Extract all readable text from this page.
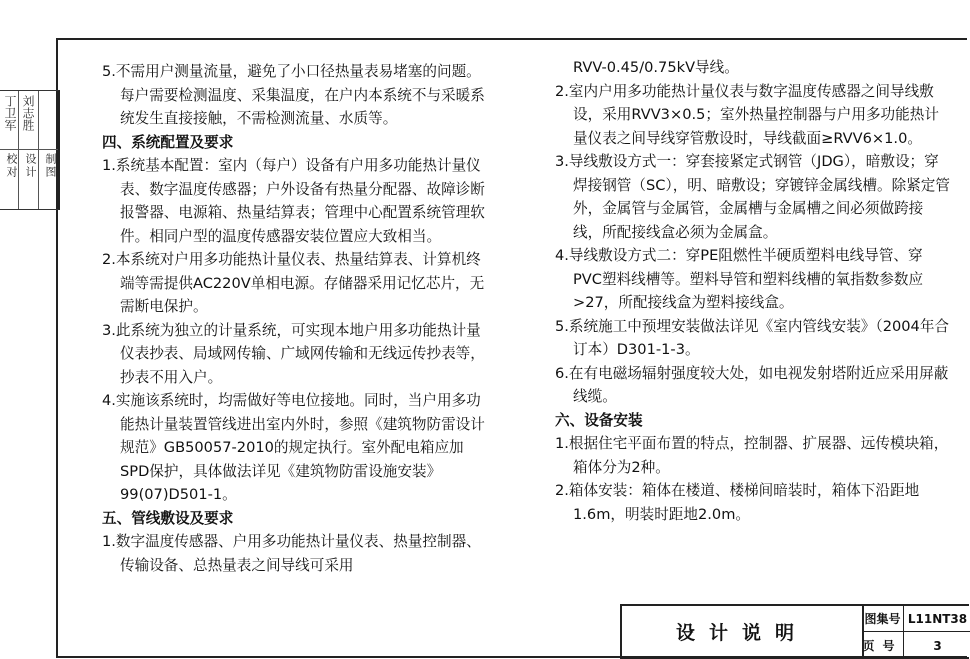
丁卫军 刘志胜
校对 设计 制图

5.不需用户测量流量，避免了小口径热量表易堵塞的问题。每户需要检测温度、采集温度，在户内本系统不与采暖系统发生直接接触，不需检测流量、水质等。

四、系统配置及要求

1.系统基本配置：室内（每户）设备有户用多功能热计量仪表、数字温度传感器；户外设备有热量分配器、故障诊断报警器、电源箱、热量结算表；管理中心配置系统管理软件。相同户型的温度传感器安装位置应大致相当。

2.本系统对户用多功能热计量仪表、热量结算表、计算机终端等需提供AC220V单相电源。存储器采用记忆芯片，无需断电保护。

3.此系统为独立的计量系统，可实现本地户用多功能热计量仪表抄表、局域网传输、广域网传输和无线远传抄表等，抄表不用入户。

4.实施该系统时，均需做好等电位接地。同时，当户用多功能热计量装置管线进出室内外时，参照《建筑物防雷设计规范》GB50057-2010的规定执行。室外配电箱应加SPD保护，具体做法详见《建筑物防雷设施安装》99(07)D501-1。

五、管线敷设及要求

1.数字温度传感器、户用多功能热计量仪表、热量控制器、传输设备、总热量表之间导线可采用

RVV-0.45/0.75kV导线。

2.室内户用多功能热计量仪表与数字温度传感器之间导线敷设，采用RVV3×0.5；室外热量控制器与户用多功能热计量仪表之间导线穿管敷设时，导线截面≥RVV6×1.0。

3.导线敷设方式一：穿套接紧定式钢管（JDG），暗敷设；穿焊接钢管（SC），明、暗敷设；穿镀锌金属线槽。除紧定管外，金属管与金属管，金属槽与金属槽之间必须做跨接线，所配接线盒必须为金属盒。

4.导线敷设方式二：穿PE阻燃性半硬质塑料电线导管、穿PVC塑料线槽等。塑料导管和塑料线槽的氧指数参数应>27，所配接线盒为塑料接线盒。

5.系统施工中预埋安装做法详见《室内管线安装》（2004年合订本）D301-1-3。

6.在有电磁场辐射强度较大处，如电视发射塔附近应采用屏蔽线缆。

六、设备安装

1.根据住宅平面布置的特点，控制器、扩展器、远传模块箱，箱体分为2种。

2.箱体安装：箱体在楼道、楼梯间暗装时，箱体下沿距地1.6m，明装时距地2.0m。

设计说明
图集号 L11NT38
页号	3
